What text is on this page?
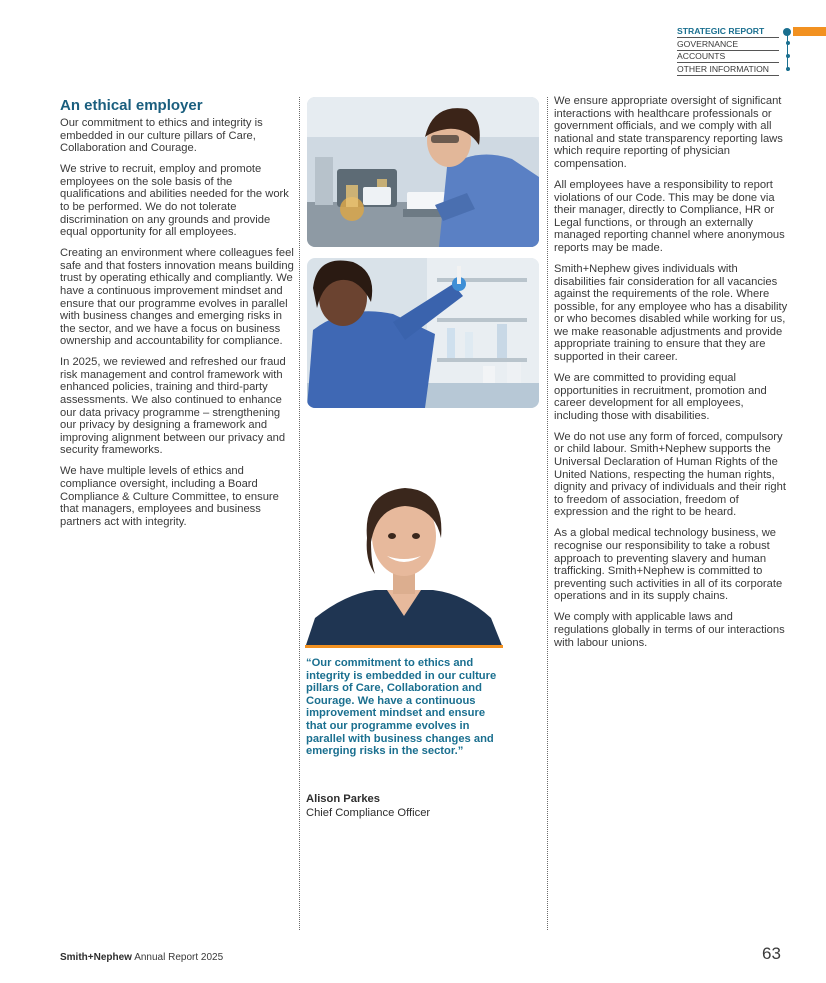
STRATEGIC REPORT
GOVERNANCE
ACCOUNTS
OTHER INFORMATION
An ethical employer

Our commitment to ethics and integrity is embedded in our culture pillars of Care, Collaboration and Courage.

We strive to recruit, employ and promote employees on the sole basis of the qualifications and abilities needed for the work to be performed. We do not tolerate discrimination on any grounds and provide equal opportunity for all employees.

Creating an environment where colleagues feel safe and that fosters innovation means building trust by operating ethically and compliantly. We have a continuous improvement mindset and ensure that our programme evolves in parallel with business changes and emerging risks in the sector, and we have a focus on business ownership and accountability for compliance.

In 2025, we reviewed and refreshed our fraud risk management and control framework with enhanced policies, training and third-party assessments. We also continued to enhance our data privacy programme – strengthening our privacy by designing a framework and improving alignment between our privacy and security frameworks.

We have multiple levels of ethics and compliance oversight, including a Board Compliance & Culture Committee, to ensure that managers, employees and business partners act with integrity.

“Our commitment to ethics and integrity is embedded in our culture pillars of Care, Collaboration and Courage. We have a continuous improvement mindset and ensure that our programme evolves in parallel with business changes and emerging risks in the sector.”

Alison Parkes
Chief Compliance Officer

We ensure appropriate oversight of significant interactions with healthcare professionals or government officials, and we comply with all national and state transparency reporting laws which require reporting of physician compensation.

All employees have a responsibility to report violations of our Code. This may be done via their manager, directly to Compliance, HR or Legal functions, or through an externally managed reporting channel where anonymous reports may be made.

Smith+Nephew gives individuals with disabilities fair consideration for all vacancies against the requirements of the role. Where possible, for any employee who has a disability or who becomes disabled while working for us, we make reasonable adjustments and provide appropriate training to ensure that they are supported in their career.

We are committed to providing equal opportunities in recruitment, promotion and career development for all employees, including those with disabilities.

We do not use any form of forced, compulsory or child labour. Smith+Nephew supports the Universal Declaration of Human Rights of the United Nations, respecting the human rights, dignity and privacy of individuals and their right to freedom of association, freedom of expression and the right to be heard.

As a global medical technology business, we recognise our responsibility to take a robust approach to preventing slavery and human trafficking. Smith+Nephew is committed to preventing such activities in all of its corporate operations and in its supply chains.

We comply with applicable laws and regulations globally in terms of our interactions with labour unions.

Smith+Nephew Annual Report 2025	63
